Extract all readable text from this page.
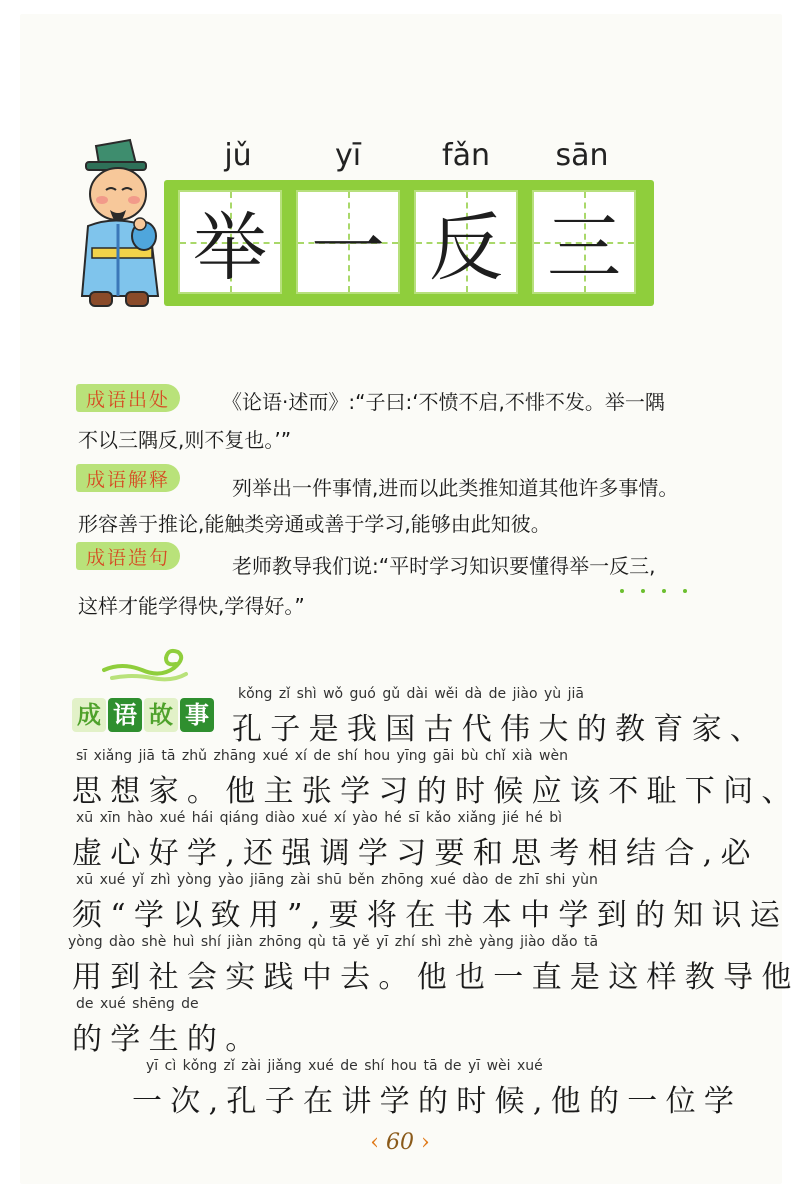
jǔ	yī	fǎn	sān
举 一 反 三
成语出处	《论语·述而》:“子曰:‘不愤不启,不悱不发。举一隅
不以三隅反,则不复也。’”
成语解释	列举出一件事情,进而以此类推知道其他许多事情。
形容善于推论,能触类旁通或善于学习,能够由此知彼。
成语造句	老师教导我们说:“平时学习知识要懂得举一反三,
这样才能学得快,学得好。”
成 语 故 事
kǒng zǐ shì wǒ guó gǔ dài wěi dà de jiào yù jiā
孔子是我国古代伟大的教育家、
sī xiǎng jiā tā zhǔ zhāng xué xí de shí hou yīng gāi bù chǐ xià wèn
思想家。他主张学习的时候应该不耻下问、
xū xīn hào xué hái qiáng diào xué xí yào hé sī kǎo xiǎng jié hé bì
虚心好学,还强调学习要和思考相结合,必
xū xué yǐ zhì yòng yào jiāng zài shū běn zhōng xué dào de zhī shi yùn
须“学以致用”,要将在书本中学到的知识运
yòng dào shè huì shí jiàn zhōng qù tā yě yī zhí shì zhè yàng jiào dǎo tā
用到社会实践中去。他也一直是这样教导他
de xué shēng de
的学生的。
yī cì kǒng zǐ zài jiǎng xué de shí hou tā de yī wèi xué
一次,孔子在讲学的时候,他的一位学
‹ 60 ›
